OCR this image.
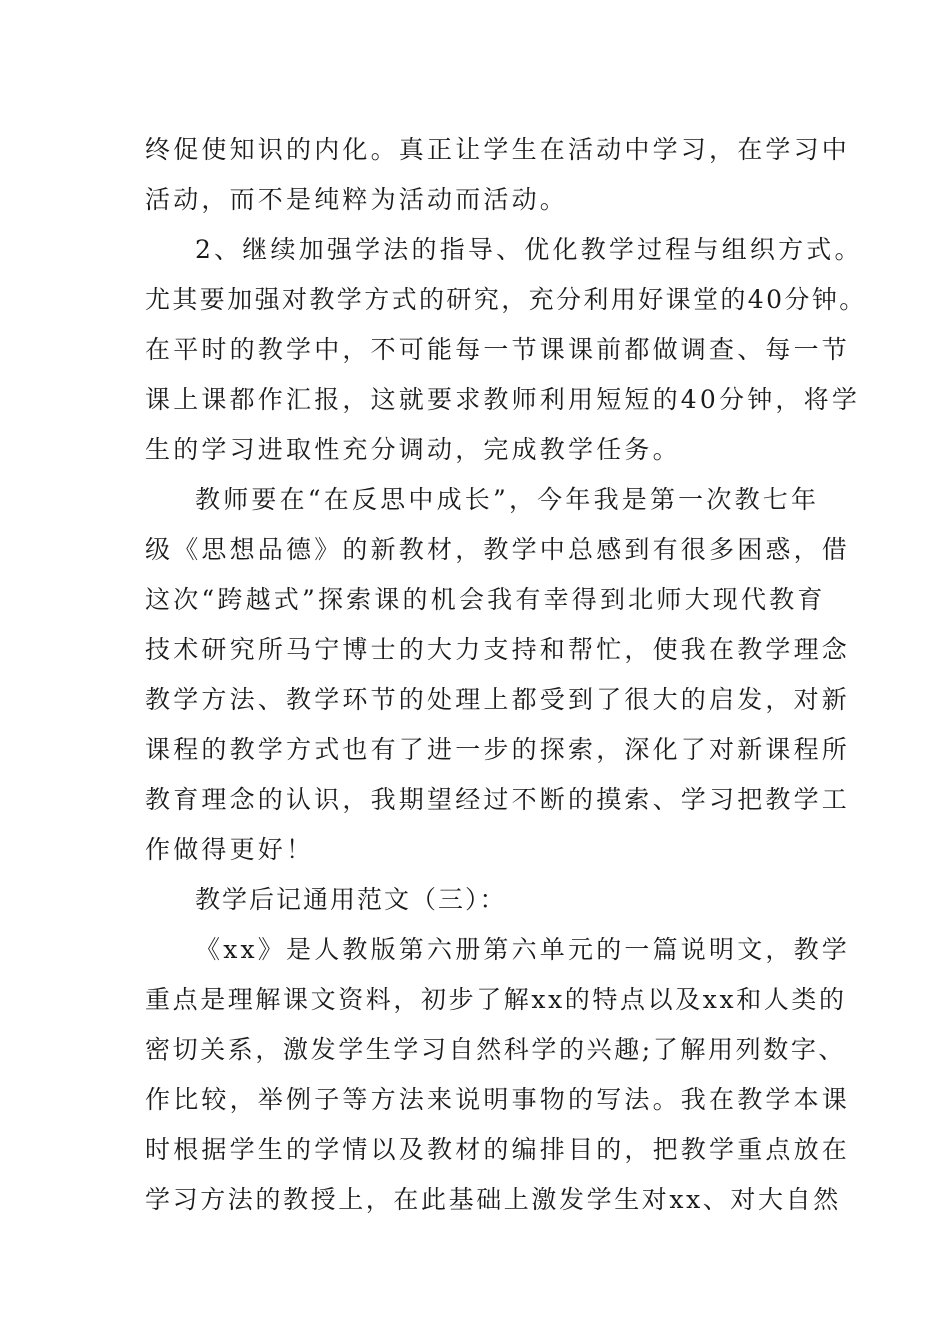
终促使知识的内化。真正让学生在活动中学习，在学习中
活动，而不是纯粹为活动而活动。
2、继续加强学法的指导、优化教学过程与组织方式。
尤其要加强对教学方式的研究，充分利用好课堂的40分钟。
在平时的教学中，不可能每一节课课前都做调查、每一节
课上课都作汇报，这就要求教师利用短短的40分钟，将学
生的学习进取性充分调动，完成教学任务。
教师要在“在反思中成长”，今年我是第一次教七年
级《思想品德》的新教材，教学中总感到有很多困惑，借
这次“跨越式”探索课的机会我有幸得到北师大现代教育
技术研究所马宁博士的大力支持和帮忙，使我在教学理念
教学方法、教学环节的处理上都受到了很大的启发，对新
课程的教学方式也有了进一步的探索，深化了对新课程所
教育理念的认识，我期望经过不断的摸索、学习把教学工
作做得更好！
教学后记通用范文（三）：
《xx》是人教版第六册第六单元的一篇说明文，教学
重点是理解课文资料，初步了解xx的特点以及xx和人类的
密切关系，激发学生学习自然科学的兴趣;了解用列数字、
作比较，举例子等方法来说明事物的写法。我在教学本课
时根据学生的学情以及教材的编排目的，把教学重点放在
学习方法的教授上，在此基础上激发学生对xx、对大自然
